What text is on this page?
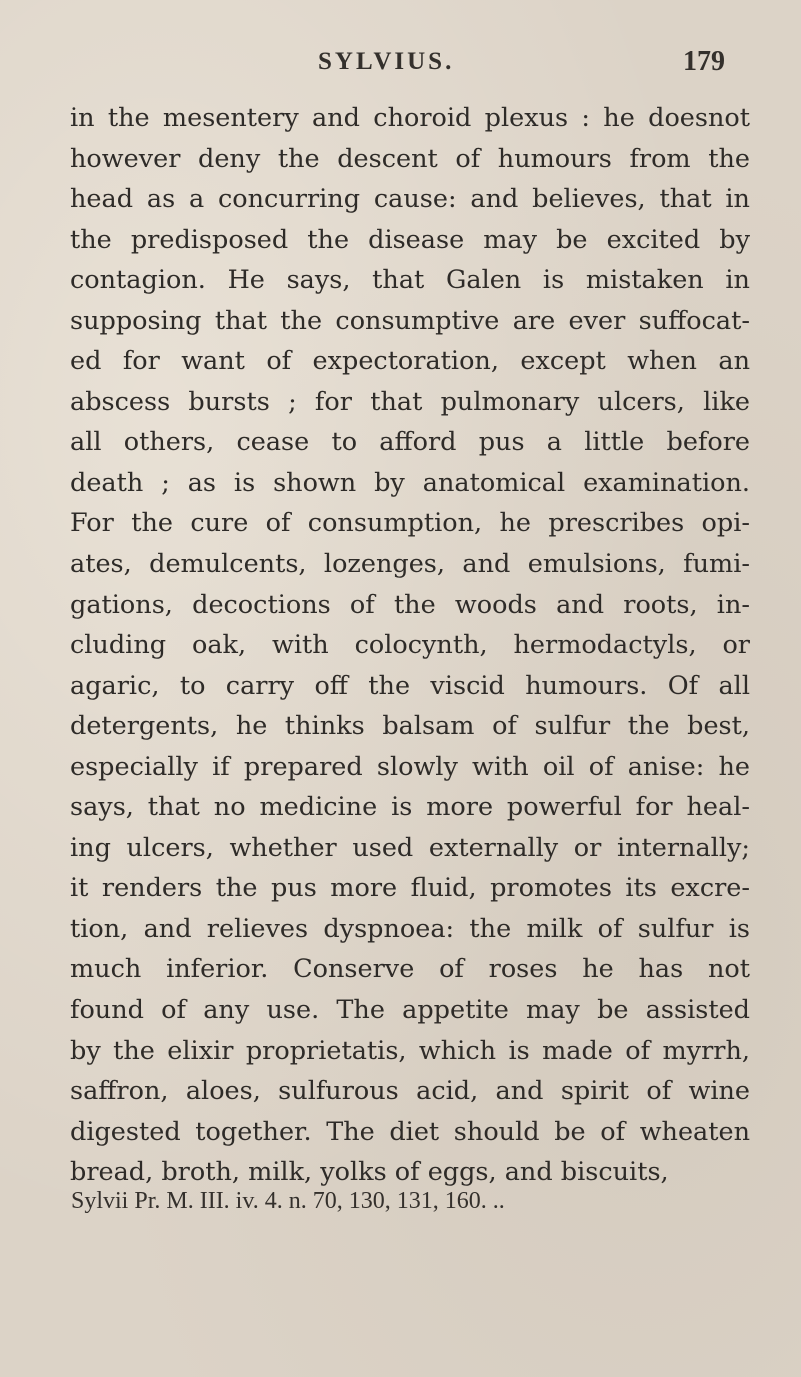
SYLVIUS.	179
in the mesentery and choroid plexus : he doesnot
however deny the descent of humours from the
head as a concurring cause: and believes, that in
the predisposed the disease may be excited by
contagion. He says, that Galen is mistaken in
supposing that the consumptive are ever suffocat-
ed for want of expectoration, except when an
abscess bursts ; for that pulmonary ulcers, like
all others, cease to afford pus a little before
death ; as is shown by anatomical examination.
For the cure of consumption, he prescribes opi-
ates, demulcents, lozenges, and emulsions, fumi-
gations, decoctions of the woods and roots, in-
cluding oak, with colocynth, hermodactyls, or
agaric, to carry off the viscid humours. Of all
detergents, he thinks balsam of sulfur the best,
especially if prepared slowly with oil of anise: he
says, that no medicine is more powerful for heal-
ing ulcers, whether used externally or internally;
it renders the pus more fluid, promotes its excre-
tion, and relieves dyspnoea: the milk of sulfur is
much inferior. Conserve of roses he has not
found of any use. The appetite may be assisted
by the elixir proprietatis, which is made of myrrh,
saffron, aloes, sulfurous acid, and spirit of wine
digested together. The diet should be of wheaten
bread, broth, milk, yolks of eggs, and biscuits,
Sylvii Pr. M. III. iv. 4. n. 70, 130, 131, 160. ..
